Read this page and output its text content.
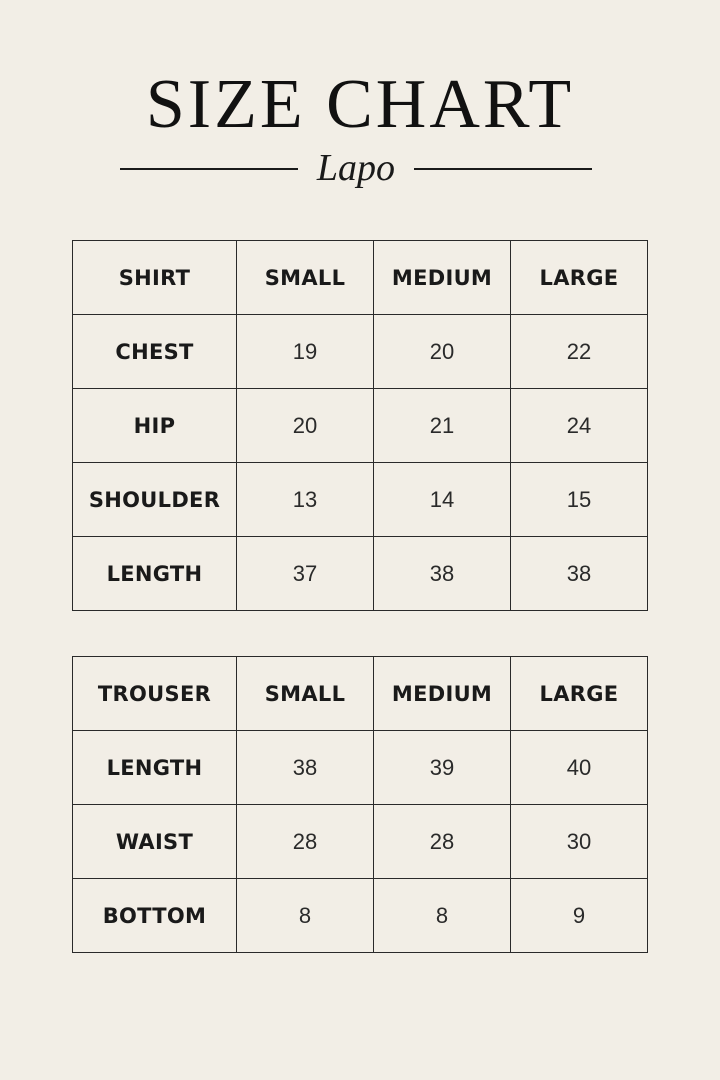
SIZE CHART
Lapo
SHIRT	SMALL	MEDIUM	LARGE
CHEST	19	20	22
HIP	20	21	24
SHOULDER	13	14	15
LENGTH	37	38	38
TROUSER	SMALL	MEDIUM	LARGE
LENGTH	38	39	40
WAIST	28	28	30
BOTTOM	8	8	9
